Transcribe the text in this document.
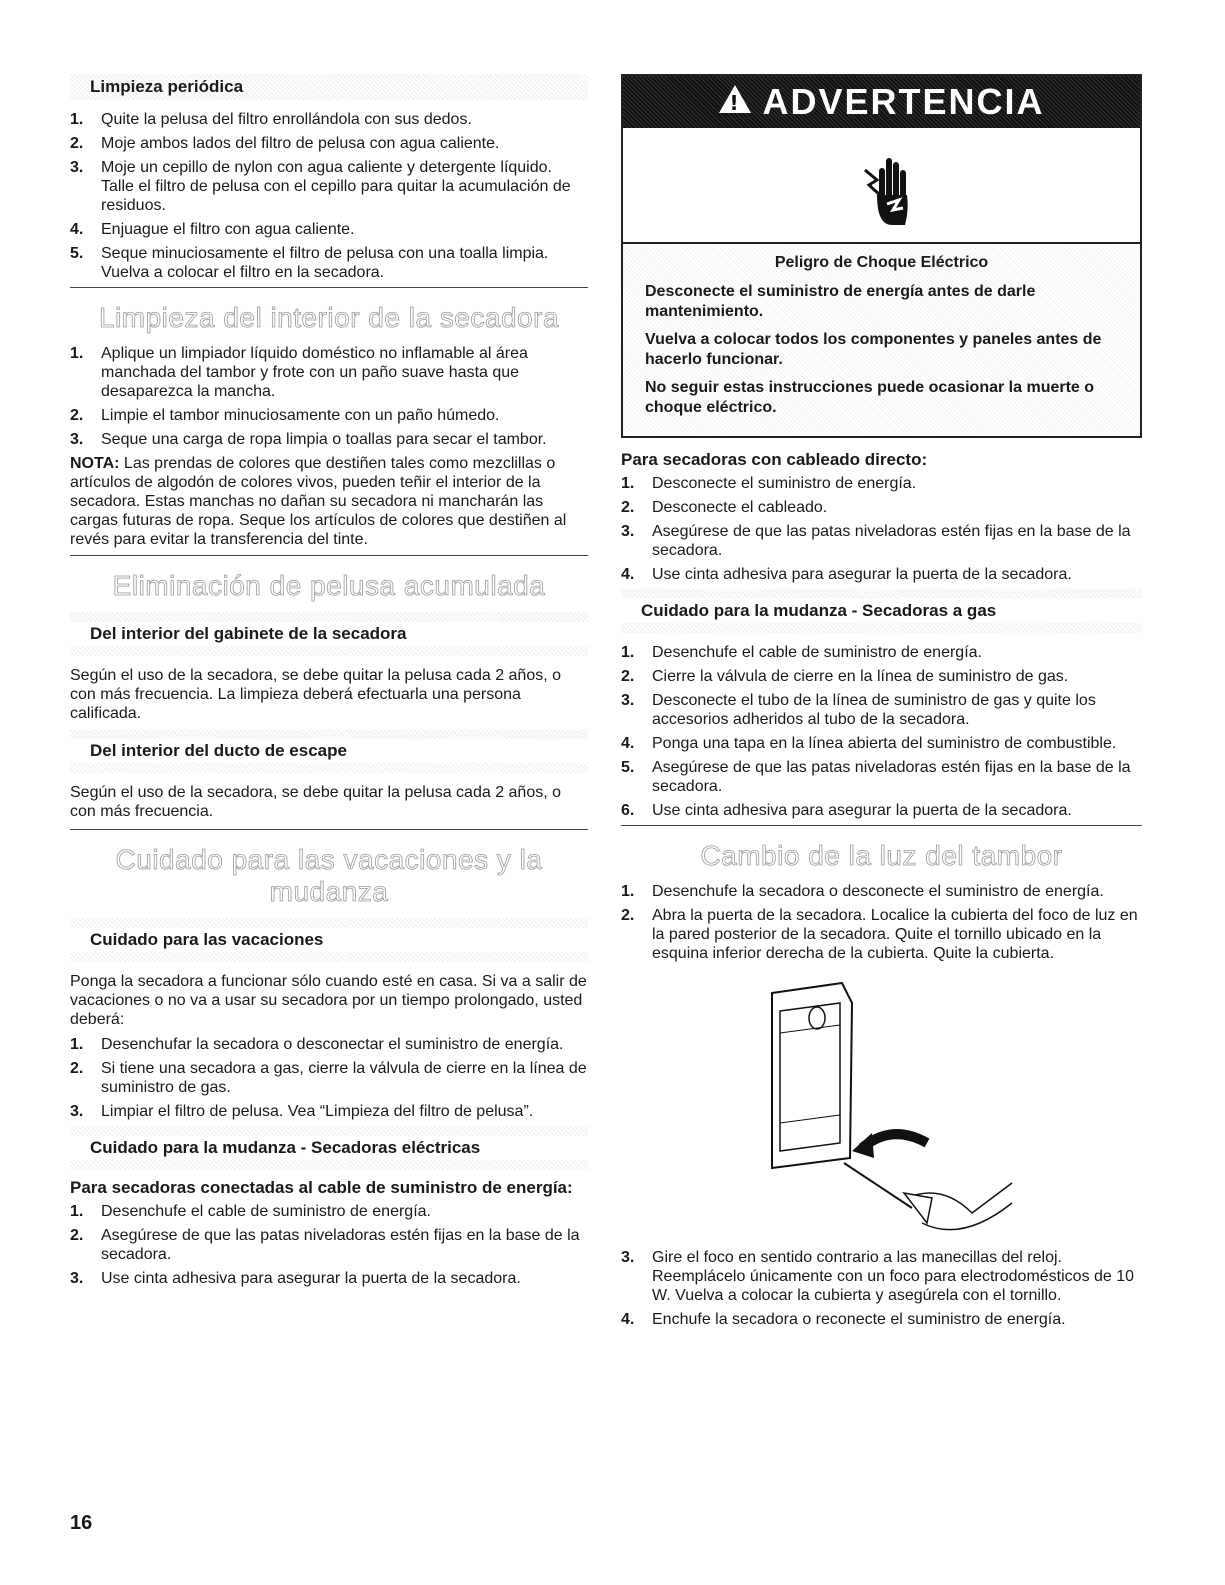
Limpieza periódica
1. Quite la pelusa del filtro enrollándola con sus dedos.
2. Moje ambos lados del filtro de pelusa con agua caliente.
3. Moje un cepillo de nylon con agua caliente y detergente líquido. Talle el filtro de pelusa con el cepillo para quitar la acumulación de residuos.
4. Enjuague el filtro con agua caliente.
5. Seque minuciosamente el filtro de pelusa con una toalla limpia. Vuelva a colocar el filtro en la secadora.
Limpieza del interior de la secadora
1. Aplique un limpiador líquido doméstico no inflamable al área manchada del tambor y frote con un paño suave hasta que desaparezca la mancha.
2. Limpie el tambor minuciosamente con un paño húmedo.
3. Seque una carga de ropa limpia o toallas para secar el tambor.

NOTA: Las prendas de colores que destiñen tales como mezclillas o artículos de algodón de colores vivos, pueden teñir el interior de la secadora. Estas manchas no dañan su secadora ni mancharán las cargas futuras de ropa. Seque los artículos de colores que destiñen al revés para evitar la transferencia del tinte.

Eliminación de pelusa acumulada
Del interior del gabinete de la secadora

Según el uso de la secadora, se debe quitar la pelusa cada 2 años, o con más frecuencia. La limpieza deberá efectuarla una persona calificada.

Del interior del ducto de escape

Según el uso de la secadora, se debe quitar la pelusa cada 2 años, o con más frecuencia.

Cuidado para las vacaciones y la mudanza
Cuidado para las vacaciones

Ponga la secadora a funcionar sólo cuando esté en casa. Si va a salir de vacaciones o no va a usar su secadora por un tiempo prolongado, usted deberá:

1. Desenchufar la secadora o desconectar el suministro de energía.
2. Si tiene una secadora a gas, cierre la válvula de cierre en la línea de suministro de gas.
3. Limpiar el filtro de pelusa. Vea “Limpieza del filtro de pelusa”.
Cuidado para la mudanza - Secadoras eléctricas
Para secadoras conectadas al cable de suministro de energía:
1. Desenchufe el cable de suministro de energía.
2. Asegúrese de que las patas niveladoras estén fijas en la base de la secadora.
3. Use cinta adhesiva para asegurar la puerta de la secadora.
! ADVERTENCIA
Peligro de Choque Eléctrico
Desconecte el suministro de energía antes de darle mantenimiento.
Vuelva a colocar todos los componentes y paneles antes de hacerlo funcionar.
No seguir estas instrucciones puede ocasionar la muerte o choque eléctrico.
Para secadoras con cableado directo:
1. Desconecte el suministro de energía.
2. Desconecte el cableado.
3. Asegúrese de que las patas niveladoras estén fijas en la base de la secadora.
4. Use cinta adhesiva para asegurar la puerta de la secadora.
Cuidado para la mudanza - Secadoras a gas
1. Desenchufe el cable de suministro de energía.
2. Cierre la válvula de cierre en la línea de suministro de gas.
3. Desconecte el tubo de la línea de suministro de gas y quite los accesorios adheridos al tubo de la secadora.
4. Ponga una tapa en la línea abierta del suministro de combustible.
5. Asegúrese de que las patas niveladoras estén fijas en la base de la secadora.
6. Use cinta adhesiva para asegurar la puerta de la secadora.
Cambio de la luz del tambor
1. Desenchufe la secadora o desconecte el suministro de energía.
2. Abra la puerta de la secadora. Localice la cubierta del foco de luz en la pared posterior de la secadora. Quite el tornillo ubicado en la esquina inferior derecha de la cubierta. Quite la cubierta.
3. Gire el foco en sentido contrario a las manecillas del reloj. Reemplácelo únicamente con un foco para electrodomésticos de 10 W. Vuelva a colocar la cubierta y asegúrela con el tornillo.
4. Enchufe la secadora o reconecte el suministro de energía.
16
